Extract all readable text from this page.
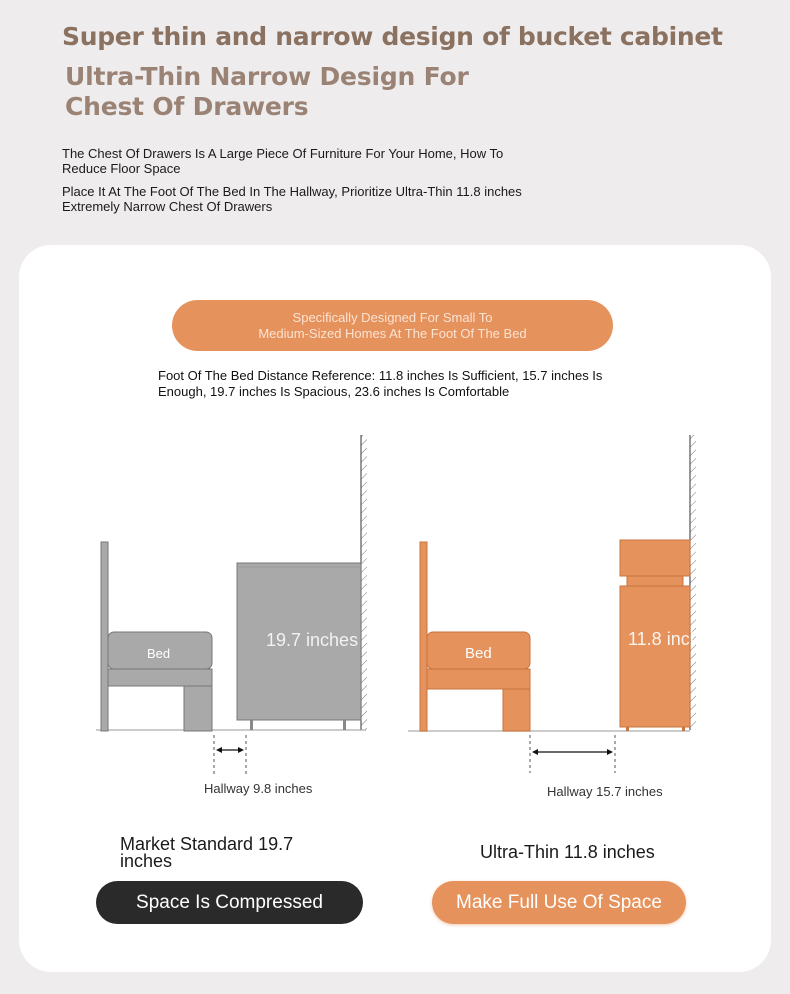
Super thin and narrow design of bucket cabinet
Ultra-Thin Narrow Design For
Chest Of Drawers
The Chest Of Drawers Is A Large Piece Of Furniture For Your Home, How To Reduce Floor Space
Place It At The Foot Of The Bed In The Hallway, Prioritize Ultra-Thin 11.8 inches Extremely Narrow Chest Of Drawers
Specifically Designed For Small To
Medium-Sized Homes At The Foot Of The Bed
Foot Of The Bed Distance Reference: 11.8 inches Is Sufficient, 15.7 inches Is Enough, 19.7 inches Is Spacious, 23.6 inches Is Comfortable
Bed
19.7 inches
Bed
11.8 inches
Hallway 9.8 inches	Hallway 15.7 inches
Market Standard 19.7
inches	Ultra-Thin 11.8 inches
Space Is Compressed	Make Full Use Of Space
